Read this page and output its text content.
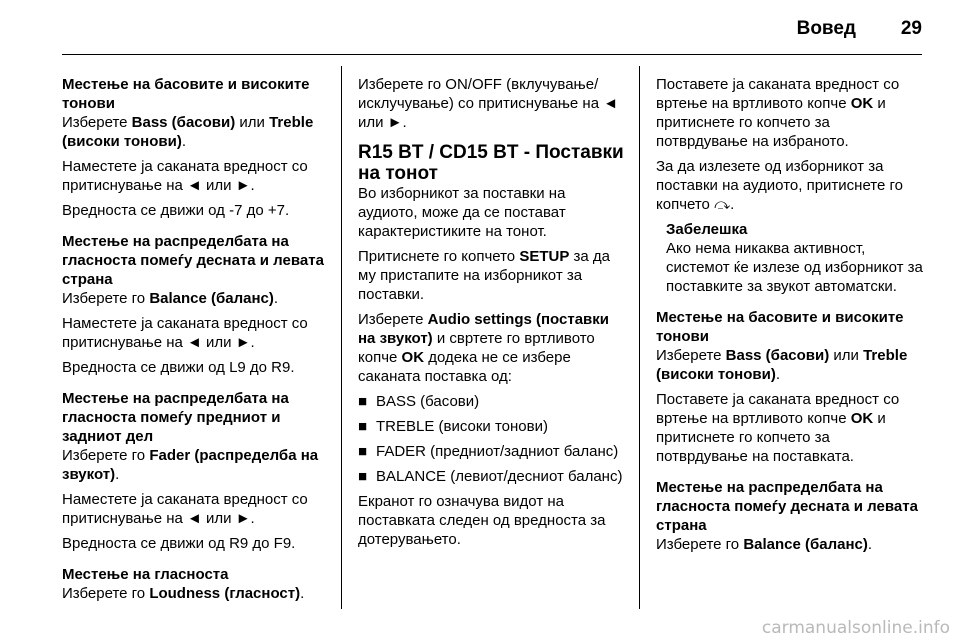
Вовед	29
Местење на басовите и високите тонови
Изберете Bass (басови) или Treble (високи тонови).
Наместете ја саканата вредност со притиснување на ◄ или ►.
Вредноста се движи од -7 до +7.
Местење на распределбата на гласноста помеѓу десната и левата страна
Изберете го Balance (баланс).
Наместете ја саканата вредност со притиснување на ◄ или ►.
Вредноста се движи од L9 до R9.
Местење на распределбата на гласноста помеѓу предниот и задниот дел
Изберете го Fader (распределба на звукот).
Наместете ја саканата вредност со притиснување на ◄ или ►.
Вредноста се движи од R9 до F9.
Местење на гласноста
Изберете го Loudness (гласност).
Изберете го ON/OFF (вклучување/исклучување) со притиснување на ◄ или ►.
R15 BT / CD15 BT - Поставки на тонот
Во изборникот за поставки на аудиото, може да се постават карактеристиките на тонот.
Притиснете го копчето SETUP за да му пристапите на изборникот за поставки.
Изберете Audio settings (поставки на звукот) и свртете го вртливото копче OK додека не се избере саканата поставка од:
■ BASS (басови)
■ TREBLE (високи тонови)
■ FADER (предниот/задниот баланс)
■ BALANCE (левиот/десниот баланс)
Екранот го означува видот на поставката следен од вредноста за дотерувањето.
Поставете ја саканата вредност со вртење на вртливото копче OK и притиснете го копчето за потврдување на избраното.
За да излезете од изборникот за поставки на аудиото, притиснете го копчето ⤼.
Забелешка
Ако нема никаква активност, системот ќе излезе од изборникот за поставките за звукот автоматски.
Местење на басовите и високите тонови
Изберете Bass (басови) или Treble (високи тонови).
Поставете ја саканата вредност со вртење на вртливото копче OK и притиснете го копчето за потврдување на поставката.
Местење на распределбата на гласноста помеѓу десната и левата страна
Изберете го Balance (баланс).
carmanualsonline.info
